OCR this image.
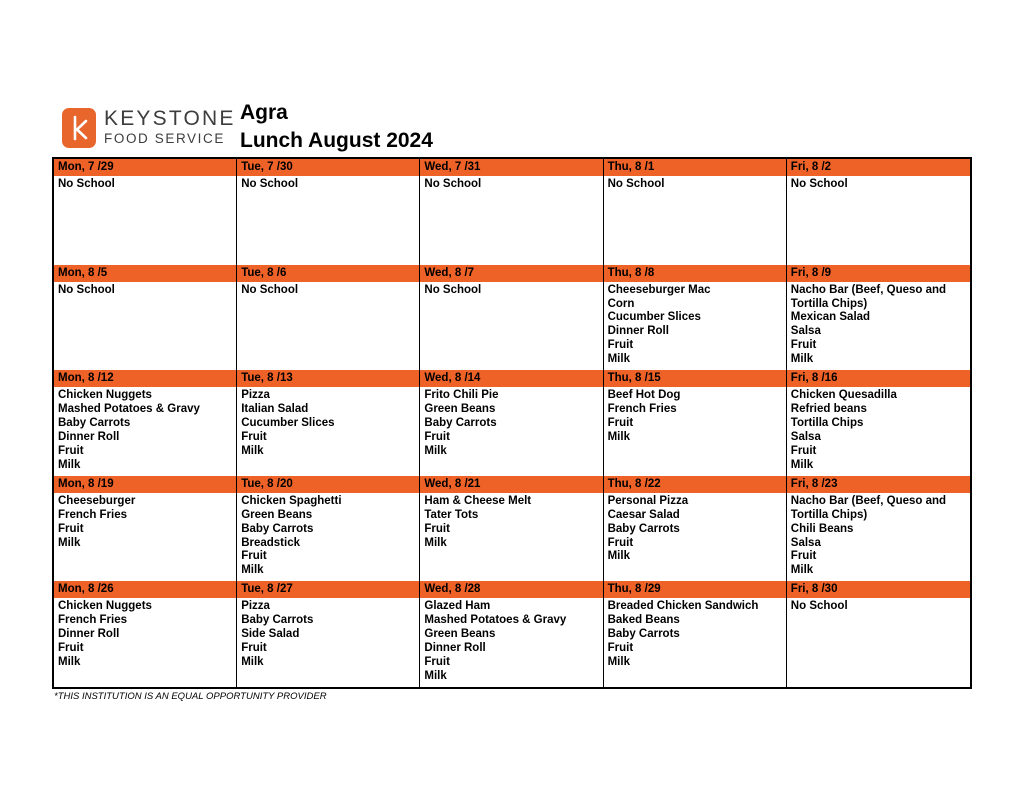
KEYSTONE
FOOD SERVICE
Agra
Lunch August 2024
Mon, 7 /29
No School
Tue, 7 /30
No School
Wed, 7 /31
No School
Thu, 8 /1
No School
Fri, 8 /2
No School
Mon, 8 /5
No School
Tue, 8 /6
No School
Wed, 8 /7
No School
Thu, 8 /8
Cheeseburger Mac
Corn
Cucumber Slices
Dinner Roll
Fruit
Milk
Fri, 8 /9
Nacho Bar (Beef, Queso and Tortilla Chips)
Mexican Salad
Salsa
Fruit
Milk
Mon, 8 /12
Chicken Nuggets
Mashed Potatoes & Gravy
Baby Carrots
Dinner Roll
Fruit
Milk
Tue, 8 /13
Pizza
Italian Salad
Cucumber Slices
Fruit
Milk
Wed, 8 /14
Frito Chili Pie
Green Beans
Baby Carrots
Fruit
Milk
Thu, 8 /15
Beef Hot Dog
French Fries
Fruit
Milk
Fri, 8 /16
Chicken Quesadilla
Refried beans
Tortilla Chips
Salsa
Fruit
Milk
Mon, 8 /19
Cheeseburger
French Fries
Fruit
Milk
Tue, 8 /20
Chicken Spaghetti
Green Beans
Baby Carrots
Breadstick
Fruit
Milk
Wed, 8 /21
Ham & Cheese Melt
Tater Tots
Fruit
Milk
Thu, 8 /22
Personal Pizza
Caesar Salad
Baby Carrots
Fruit
Milk
Fri, 8 /23
Nacho Bar (Beef, Queso and Tortilla Chips)
Chili Beans
Salsa
Fruit
Milk
Mon, 8 /26
Chicken Nuggets
French Fries
Dinner Roll
Fruit
Milk
Tue, 8 /27
Pizza
Baby Carrots
Side Salad
Fruit
Milk
Wed, 8 /28
Glazed Ham
Mashed Potatoes & Gravy
Green Beans
Dinner Roll
Fruit
Milk
Thu, 8 /29
Breaded Chicken Sandwich
Baked Beans
Baby Carrots
Fruit
Milk
Fri, 8 /30
No School
*THIS INSTITUTION IS AN EQUAL OPPORTUNITY PROVIDER
